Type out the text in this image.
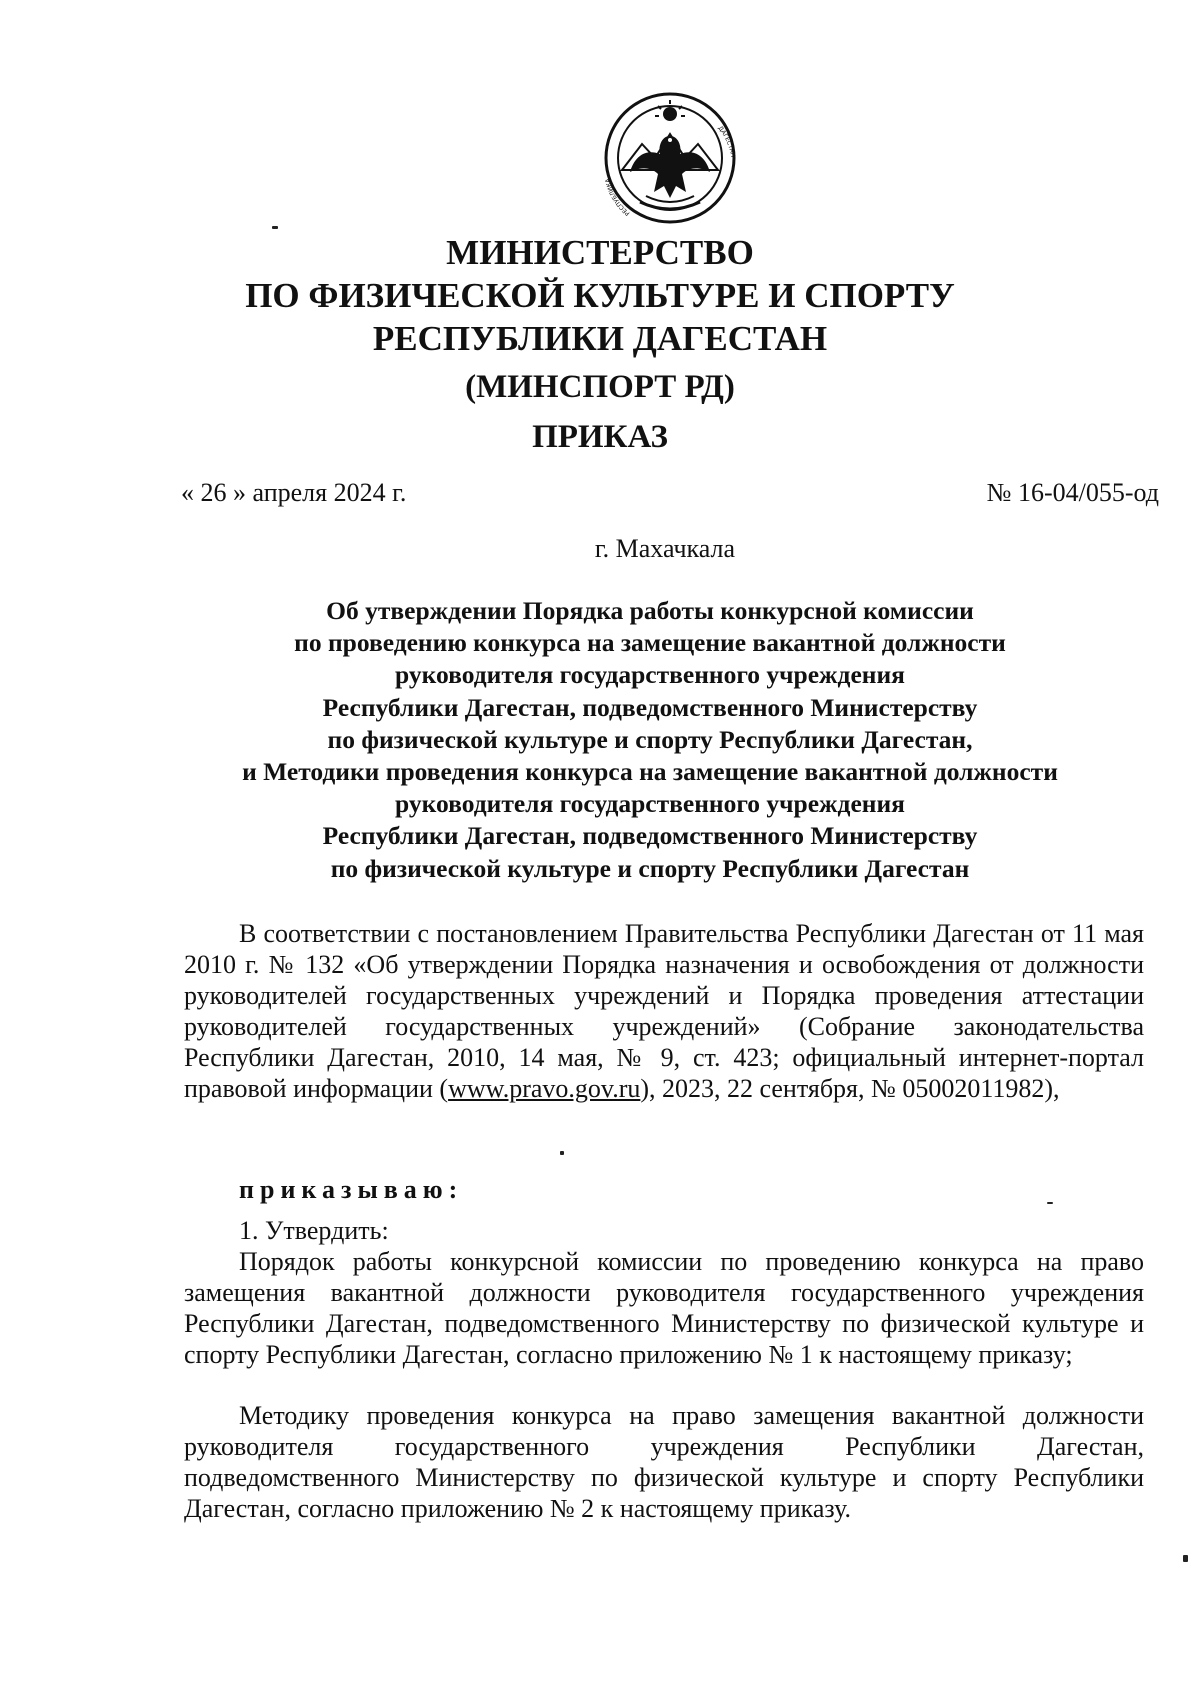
РЕСПУБЛИКА
ДАГЕСТАН
МИНИСТЕРСТВО
ПО ФИЗИЧЕСКОЙ КУЛЬТУРЕ И СПОРТУ
РЕСПУБЛИКИ ДАГЕСТАН
(МИНСПОРТ РД)
ПРИКАЗ
« 26 » апреля 2024 г.	№ 16-04/055-од
г. Махачкала
Об утверждении Порядка работы конкурсной комиссии
по проведению конкурса на замещение вакантной должности
руководителя государственного учреждения
Республики Дагестан, подведомственного Министерству
по физической культуре и спорту Республики Дагестан,
и Методики проведения конкурса на замещение вакантной должности
руководителя государственного учреждения
Республики Дагестан, подведомственного Министерству
по физической культуре и спорту Республики Дагестан

В соответствии с постановлением Правительства Республики Дагестан от 11 мая 2010 г. № 132 «Об утверждении Порядка назначения и освобождения от должности руководителей государственных учреждений и Порядка проведения аттестации руководителей государственных учреждений» (Собрание законодательства Республики Дагестан, 2010, 14 мая, № 9, ст. 423; официальный интернет-портал правовой информации (www.pravo.gov.ru), 2023, 22 сентября, № 05002011982),

приказываю:
1. Утвердить:

Порядок работы конкурсной комиссии по проведению конкурса на право замещения вакантной должности руководителя государственного учреждения Республики Дагестан, подведомственного Министерству по физической культуре и спорту Республики Дагестан, согласно приложению № 1 к настоящему приказу;

Методику проведения конкурса на право замещения вакантной должности руководителя государственного учреждения Республики Дагестан, подведомственного Министерству по физической культуре и спорту Республики Дагестан, согласно приложению № 2 к настоящему приказу.
